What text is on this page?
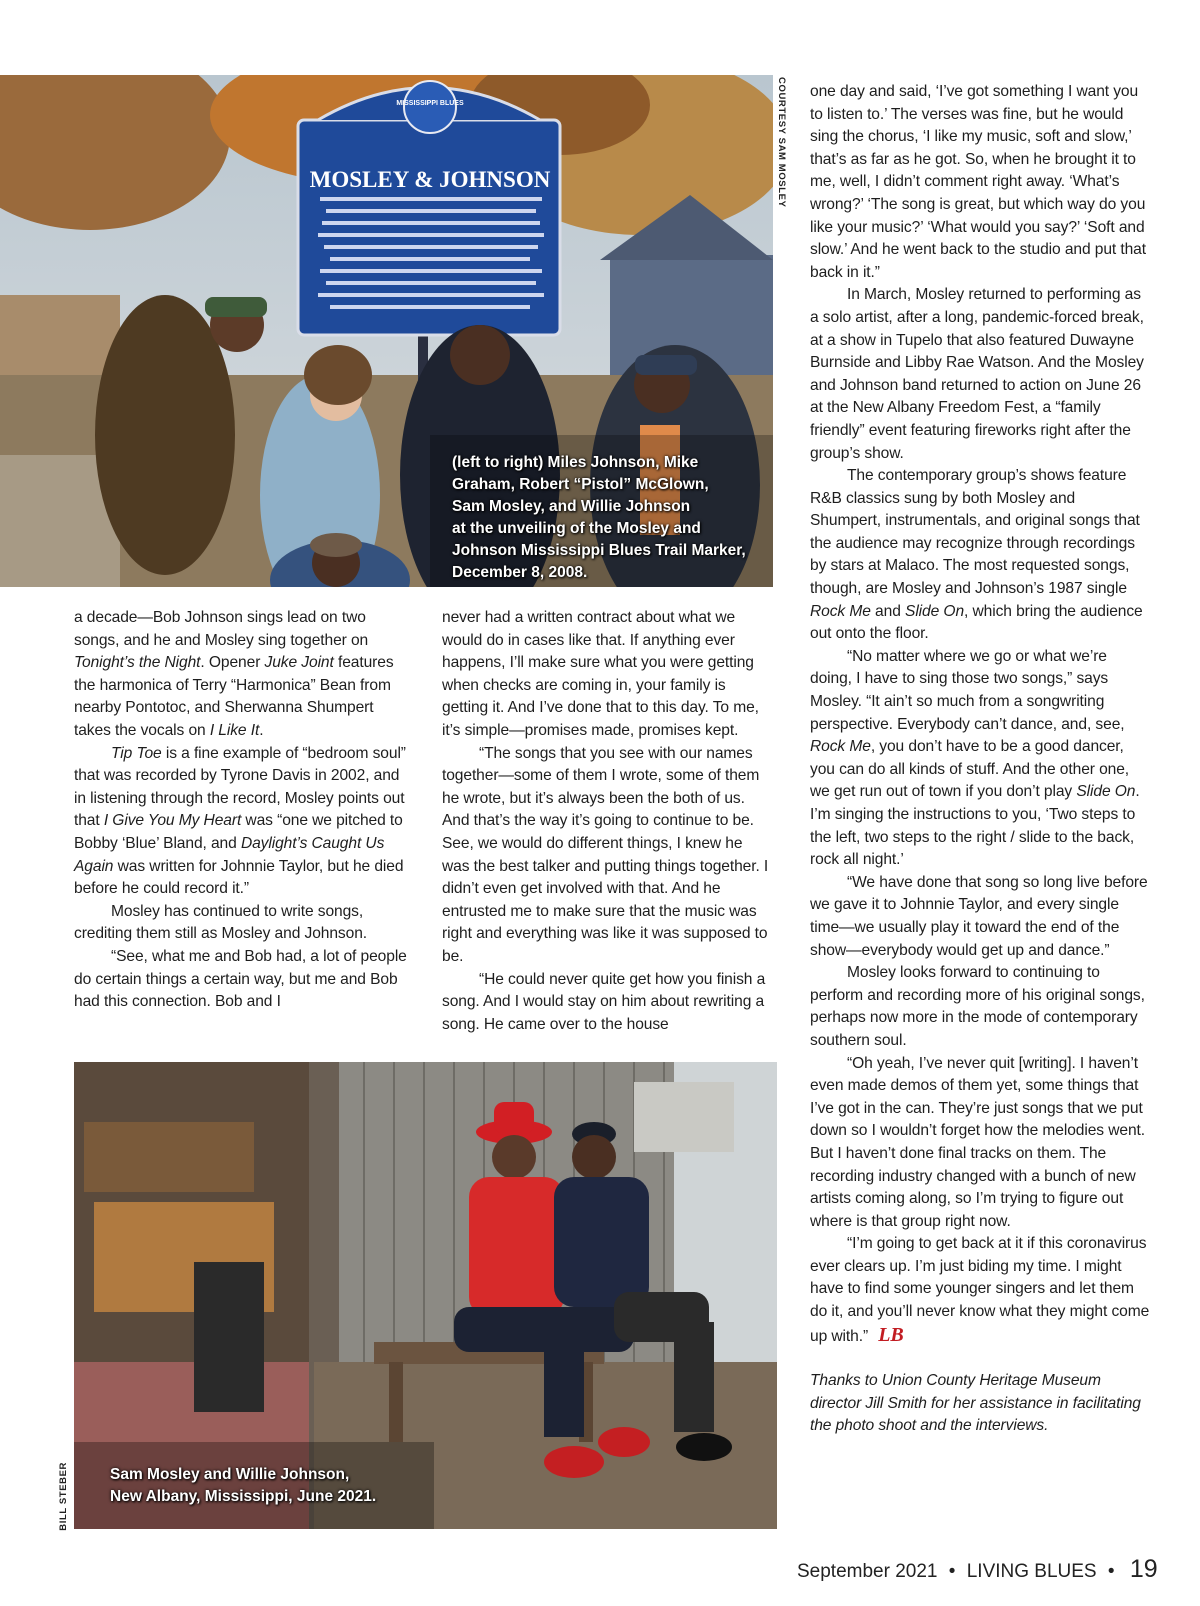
MISSISSIPPI BLUES
MOSLEY & JOHNSON	COURTESY SAM MOSLEY
(left to right) Miles Johnson, Mike
Graham, Robert “Pistol” McGlown,
Sam Mosley, and Willie Johnson
at the unveiling of the Mosley and
Johnson Mississippi Blues Trail Marker,
December 8, 2008.

a decade—Bob Johnson sings lead on two songs, and he and Mosley sing together on Tonight’s the Night. Opener Juke Joint features the harmonica of Terry “Harmonica” Bean from nearby Pontotoc, and Sherwanna Shumpert takes the vocals on I Like It.

Tip Toe is a fine example of “bedroom soul” that was recorded by Tyrone Davis in 2002, and in listening through the record, Mosley points out that I Give You My Heart was “one we pitched to Bobby ‘Blue’ Bland, and Daylight’s Caught Us Again was written for Johnnie Taylor, but he died before he could record it.”

Mosley has continued to write songs, crediting them still as Mosley and Johnson.

“See, what me and Bob had, a lot of people do certain things a certain way, but me and Bob had this connection. Bob and I

never had a written contract about what we would do in cases like that. If anything ever happens, I’ll make sure what you were getting when checks are coming in, your family is getting it. And I’ve done that to this day. To me, it’s simple—promises made, promises kept.

“The songs that you see with our names together—some of them I wrote, some of them he wrote, but it’s always been the both of us. And that’s the way it’s going to continue to be. See, we would do different things, I knew he was the best talker and putting things together. I didn’t even get involved with that. And he entrusted me to make sure that the music was right and everything was like it was supposed to be.

“He could never quite get how you finish a song. And I would stay on him about rewriting a song. He came over to the house

one day and said, ‘I’ve got something I want you to listen to.’ The verses was fine, but he would sing the chorus, ‘I like my music, soft and slow,’ that’s as far as he got. So, when he brought it to me, well, I didn’t comment right away. ‘What’s wrong?’ ‘The song is great, but which way do you like your music?’ ‘What would you say?’ ‘Soft and slow.’ And he went back to the studio and put that back in it.”

In March, Mosley returned to performing as a solo artist, after a long, pandemic-forced break, at a show in Tupelo that also featured Duwayne Burnside and Libby Rae Watson. And the Mosley and Johnson band returned to action on June 26 at the New Albany Freedom Fest, a “family friendly” event featuring fireworks right after the group’s show.

The contemporary group’s shows feature R&B classics sung by both Mosley and Shumpert, instrumentals, and original songs that the audience may recognize through recordings by stars at Malaco. The most requested songs, though, are Mosley and Johnson’s 1987 single Rock Me and Slide On, which bring the audience out onto the floor.

“No matter where we go or what we’re doing, I have to sing those two songs,” says Mosley. “It ain’t so much from a songwriting perspective. Everybody can’t dance, and, see, Rock Me, you don’t have to be a good dancer, you can do all kinds of stuff. And the other one, we get run out of town if you don’t play Slide On. I’m singing the instructions to you, ‘Two steps to the left, two steps to the right / slide to the back, rock all night.’

“We have done that song so long live before we gave it to Johnnie Taylor, and every single time—we usually play it toward the end of the show—everybody would get up and dance.”

Mosley looks forward to continuing to perform and recording more of his original songs, perhaps now more in the mode of contemporary southern soul.

“Oh yeah, I’ve never quit [writing]. I haven’t even made demos of them yet, some things that I’ve got in the can. They’re just songs that we put down so I wouldn’t forget how the melodies went. But I haven’t done final tracks on them. The recording industry changed with a bunch of new artists coming along, so I’m trying to figure out where is that group right now.

“I’m going to get back at it if this coronavirus ever clears up. I’m just biding my time. I might have to find some younger singers and let them do it, and you’ll never know what they might come up with.” LB

Thanks to Union County Heritage Museum director Jill Smith for her assistance in facilitating the photo shoot and the interviews.

BILL STEBER	Sam Mosley and Willie Johnson,
New Albany, Mississippi, June 2021.
September 2021 • LIVING BLUES • 19
